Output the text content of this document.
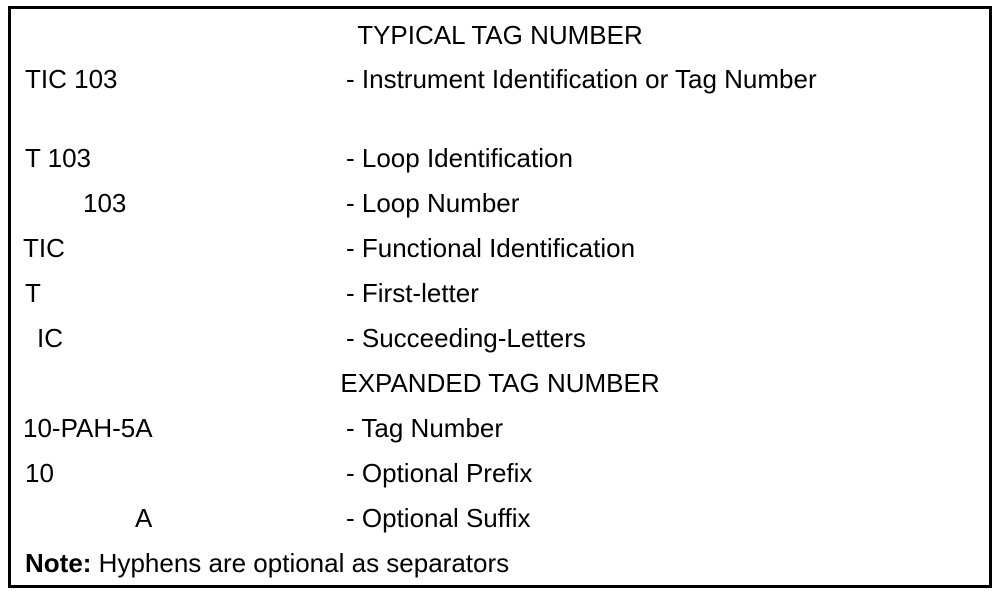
TYPICAL TAG NUMBER
TIC 103	- Instrument Identification or Tag Number
T 103	- Loop Identification
103	- Loop Number
TIC	- Functional Identification
T	- First-letter
IC	- Succeeding-Letters
EXPANDED TAG NUMBER
10-PAH-5A	- Tag Number
10	- Optional Prefix
A	- Optional Suffix
Note: Hyphens are optional as separators
